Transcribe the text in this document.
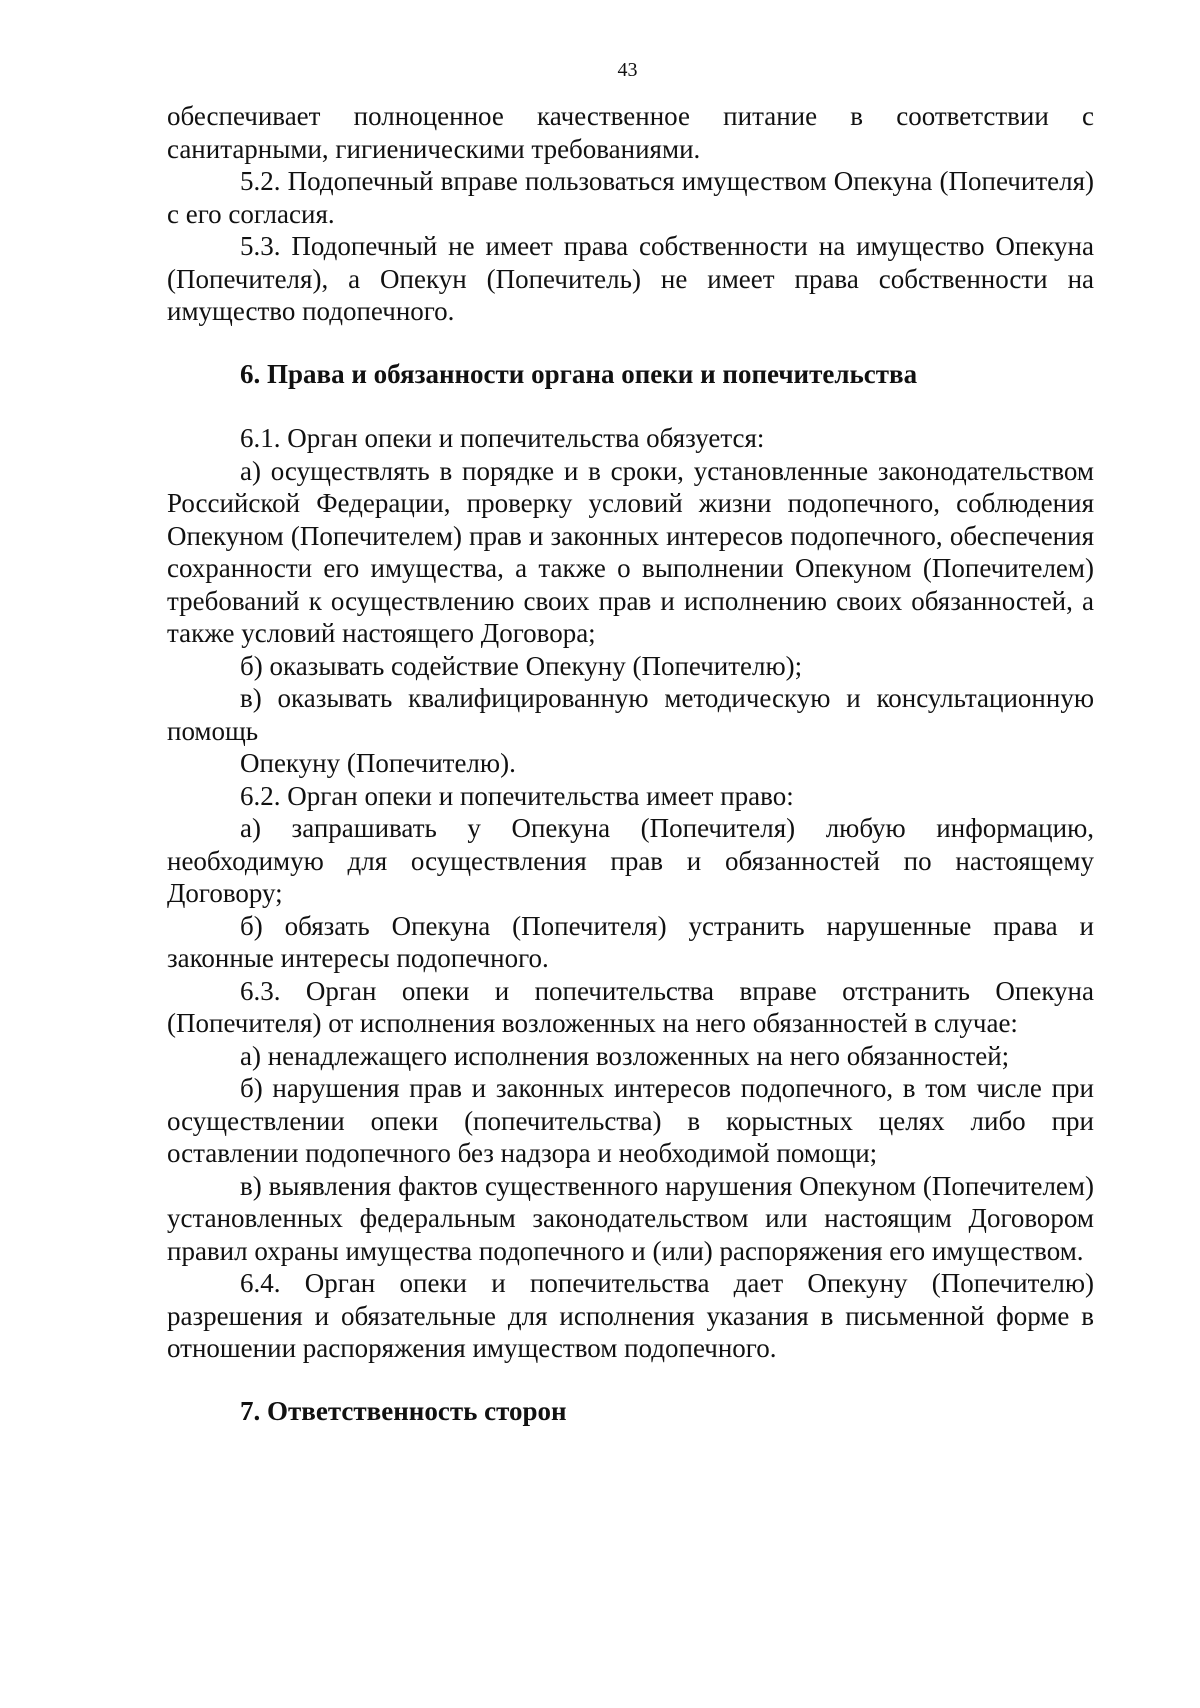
43

обеспечивает полноценное качественное питание в соответствии с санитарными, гигиеническими требованиями.

5.2. Подопечный вправе пользоваться имуществом Опекуна (Попечителя) с его согласия.

5.3. Подопечный не имеет права собственности на имущество Опекуна (Попечителя), а Опекун (Попечитель) не имеет права собственности на имущество подопечного.

6. Права и обязанности органа опеки и попечительства

6.1. Орган опеки и попечительства обязуется:

а) осуществлять в порядке и в сроки, установленные законодательством Российской Федерации, проверку условий жизни подопечного, соблюдения Опекуном (Попечителем) прав и законных интересов подопечного, обеспечения сохранности его имущества, а также о выполнении Опекуном (Попечителем) требований к осуществлению своих прав и исполнению своих обязанностей, а также условий настоящего Договора;

б) оказывать содействие Опекуну (Попечителю);

в) оказывать квалифицированную методическую и консультационную помощь

Опекуну (Попечителю).

6.2. Орган опеки и попечительства имеет право:

а) запрашивать у Опекуна (Попечителя) любую информацию, необходимую для осуществления прав и обязанностей по настоящему Договору;

б) обязать Опекуна (Попечителя) устранить нарушенные права и законные интересы подопечного.

6.3. Орган опеки и попечительства вправе отстранить Опекуна (Попечителя) от исполнения возложенных на него обязанностей в случае:

а) ненадлежащего исполнения возложенных на него обязанностей;

б) нарушения прав и законных интересов подопечного, в том числе при осуществлении опеки (попечительства) в корыстных целях либо при оставлении подопечного без надзора и необходимой помощи;

в) выявления фактов существенного нарушения Опекуном (Попечителем) установленных федеральным законодательством или настоящим Договором правил охраны имущества подопечного и (или) распоряжения его имуществом.

6.4. Орган опеки и попечительства дает Опекуну (Попечителю) разрешения и обязательные для исполнения указания в письменной форме в отношении распоряжения имуществом подопечного.

7. Ответственность сторон
